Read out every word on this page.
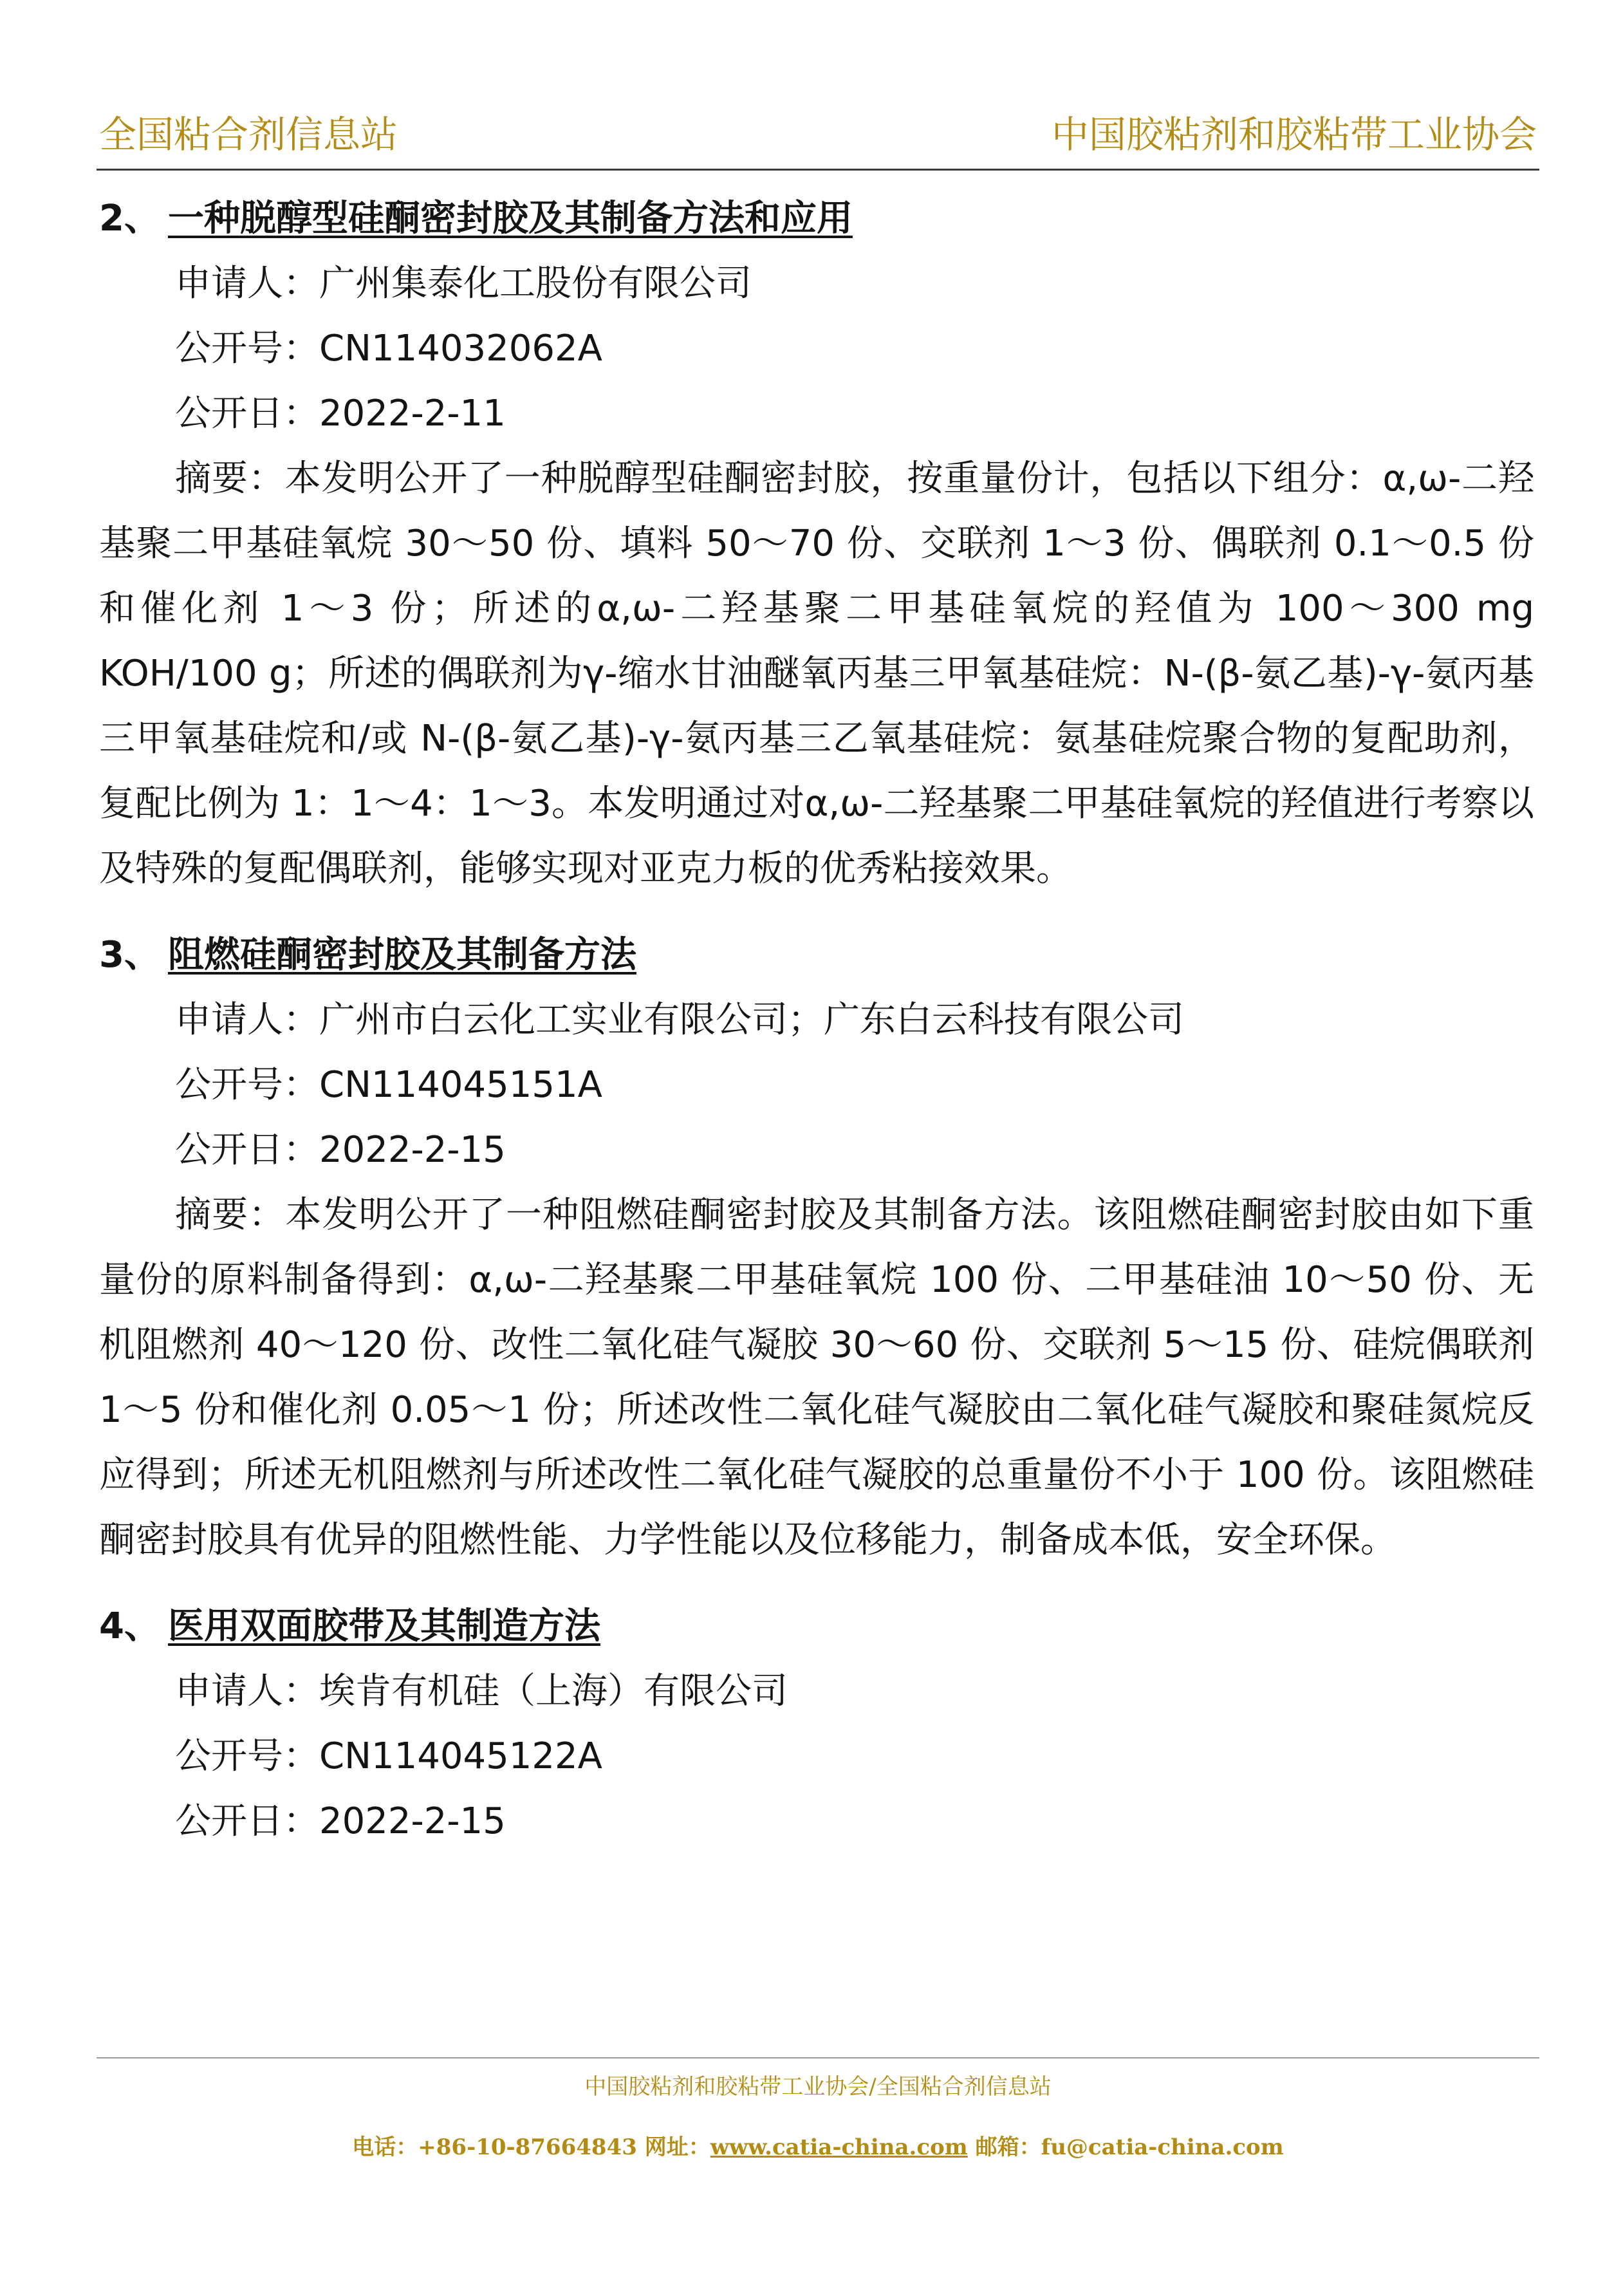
全国粘合剂信息站	中国胶粘剂和胶粘带工业协会
2、 一种脱醇型硅酮密封胶及其制备方法和应用
申请人：广州集泰化工股份有限公司
公开号：CN114032062A
公开日：2022-2-11
摘要：本发明公开了一种脱醇型硅酮密封胶，按重量份计，包括以下组分：α,ω-二羟基聚二甲基硅氧烷 30～50 份、填料 50～70 份、交联剂 1～3 份、偶联剂 0.1～0.5 份和催化剂 1～3 份；所述的α,ω-二羟基聚二甲基硅氧烷的羟值为 100～300 mg KOH/100 g；所述的偶联剂为γ-缩水甘油醚氧丙基三甲氧基硅烷：N-(β-氨乙基)-γ-氨丙基三甲氧基硅烷和/或 N-(β-氨乙基)-γ-氨丙基三乙氧基硅烷：氨基硅烷聚合物的复配助剂，复配比例为 1：1～4：1～3。本发明通过对α,ω-二羟基聚二甲基硅氧烷的羟值进行考察以及特殊的复配偶联剂，能够实现对亚克力板的优秀粘接效果。
3、 阻燃硅酮密封胶及其制备方法
申请人：广州市白云化工实业有限公司；广东白云科技有限公司
公开号：CN114045151A
公开日：2022-2-15
摘要：本发明公开了一种阻燃硅酮密封胶及其制备方法。该阻燃硅酮密封胶由如下重量份的原料制备得到：α,ω-二羟基聚二甲基硅氧烷 100 份、二甲基硅油 10～50 份、无机阻燃剂 40～120 份、改性二氧化硅气凝胶 30～60 份、交联剂 5～15 份、硅烷偶联剂 1～5 份和催化剂 0.05～1 份；所述改性二氧化硅气凝胶由二氧化硅气凝胶和聚硅氮烷反应得到；所述无机阻燃剂与所述改性二氧化硅气凝胶的总重量份不小于 100 份。该阻燃硅酮密封胶具有优异的阻燃性能、力学性能以及位移能力，制备成本低，安全环保。
4、 医用双面胶带及其制造方法
申请人：埃肯有机硅（上海）有限公司
公开号：CN114045122A
公开日：2022-2-15
中国胶粘剂和胶粘带工业协会/全国粘合剂信息站
电话：+86-10-87664843 网址：www.catia-china.com 邮箱：fu@catia-china.com
